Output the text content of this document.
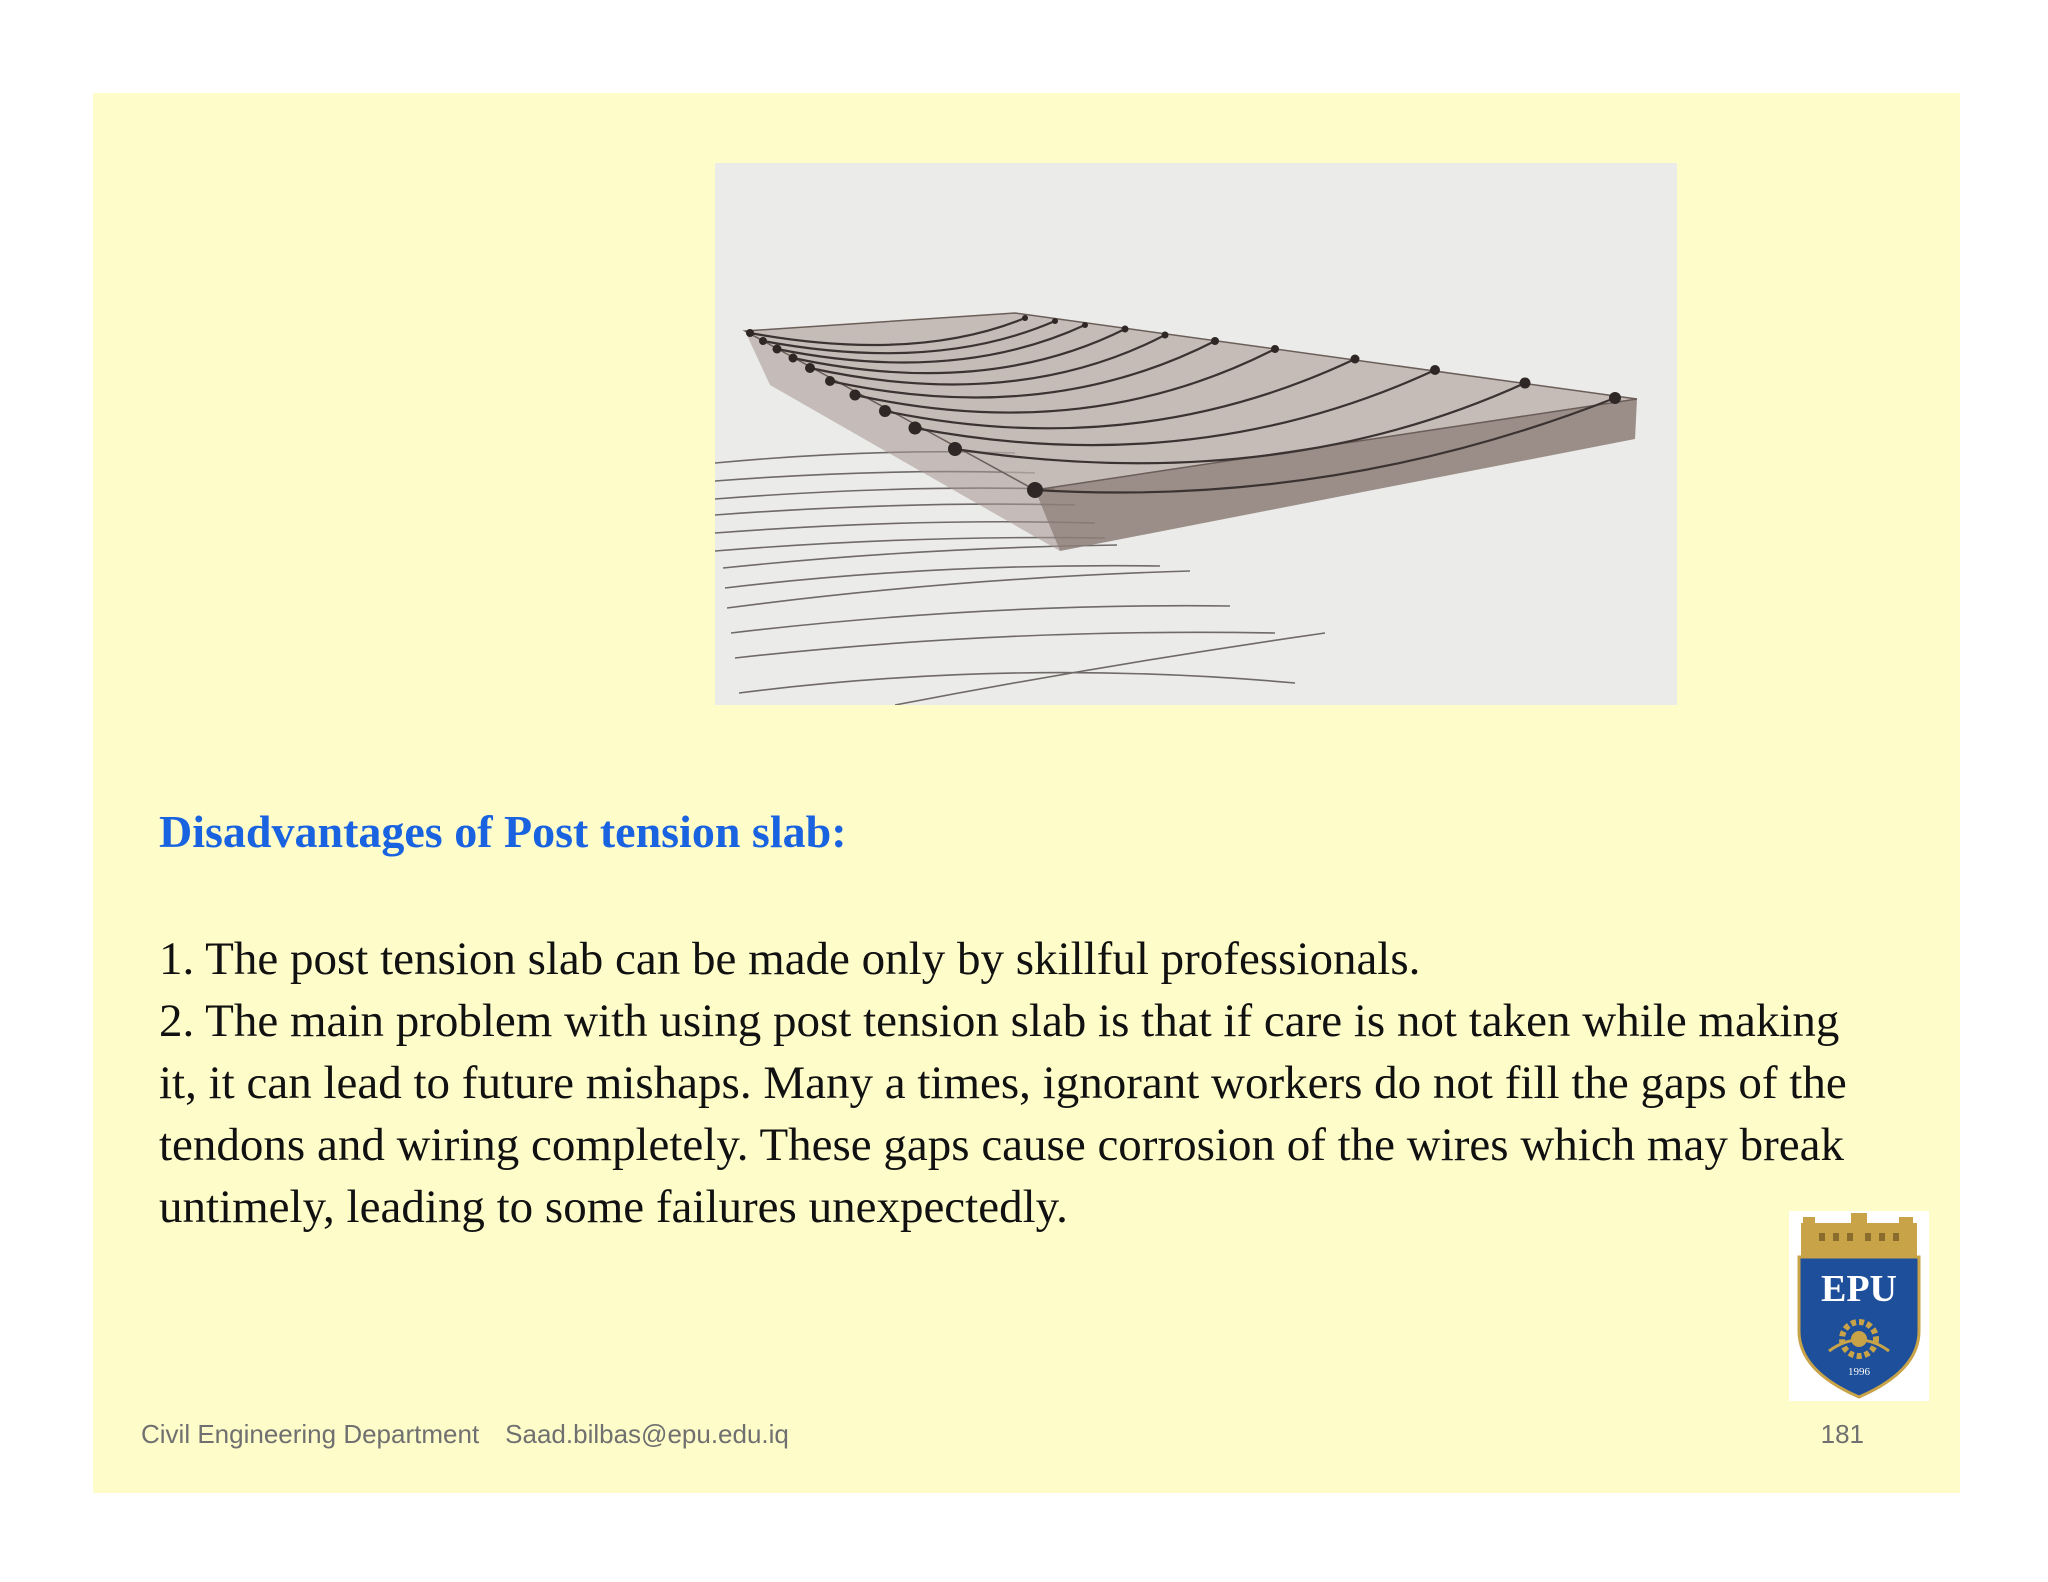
Disadvantages of Post tension slab:

1. The post tension slab can be made only by skillful professionals.

2. The main problem with using post tension slab is that if care is not taken while making it, it can lead to future mishaps. Many a times, ignorant workers do not fill the gaps of the tendons and wiring completely. These gaps cause corrosion of the wires which may break untimely, leading to some failures unexpectedly.

EPU
1996
Civil Engineering Department Saad.bilbas@epu.edu.iq	181
